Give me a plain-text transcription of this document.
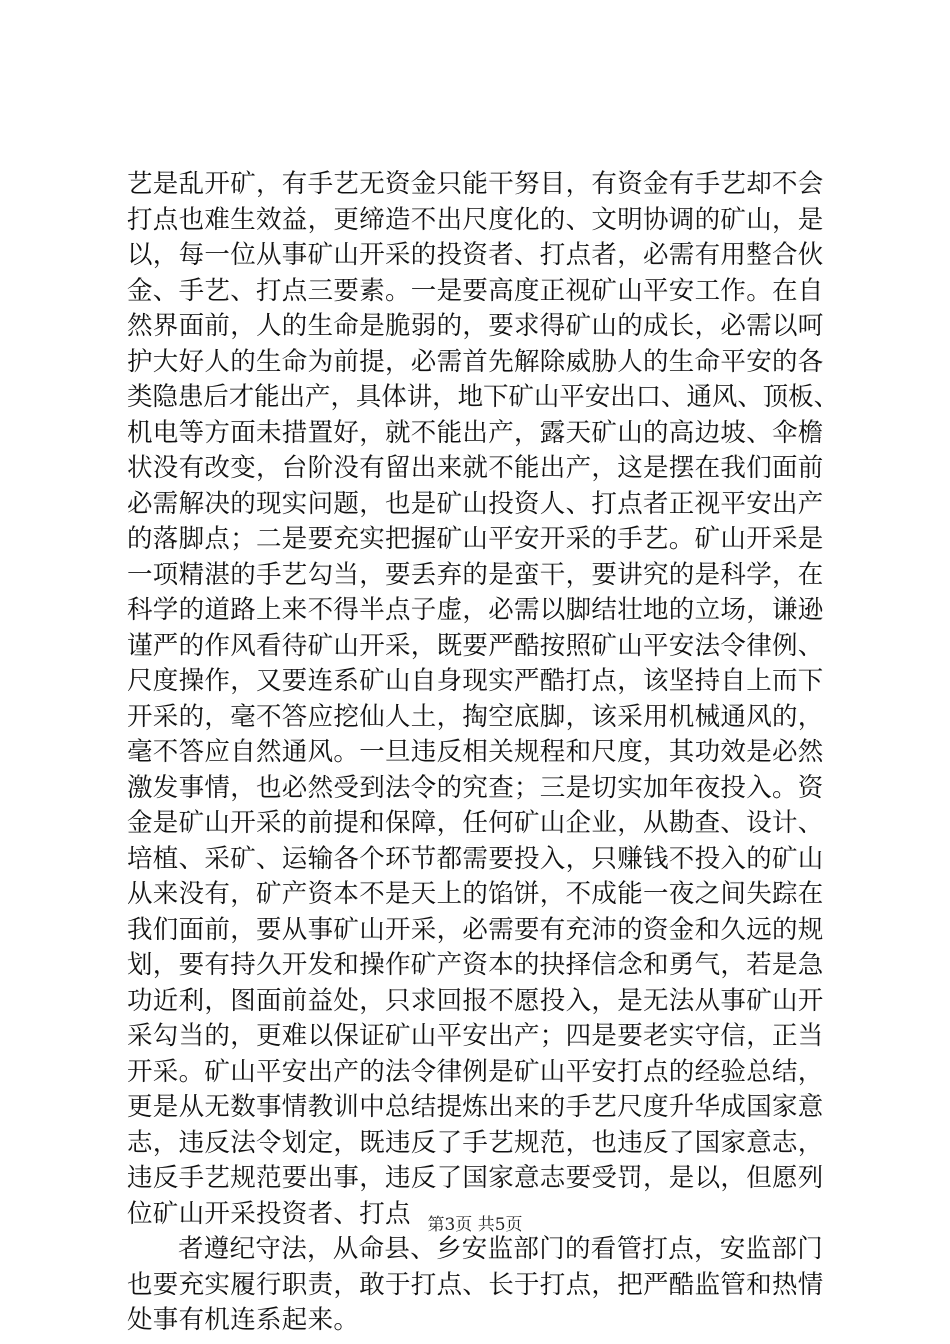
艺是乱开矿，有手艺无资金只能干努目，有资金有手艺却不会
打点也难生效益，更缔造不出尺度化的、文明协调的矿山，是
以，每一位从事矿山开采的投资者、打点者，必需有用整合伙
金、手艺、打点三要素。一是要高度正视矿山平安工作。在自
然界面前，人的生命是脆弱的，要求得矿山的成长，必需以呵
护大好人的生命为前提，必需首先解除威胁人的生命平安的各
类隐患后才能出产，具体讲，地下矿山平安出口、通风、顶板、
机电等方面未措置好，就不能出产，露天矿山的高边坡、伞檐
状没有改变，台阶没有留出来就不能出产，这是摆在我们面前
必需解决的现实问题，也是矿山投资人、打点者正视平安出产
的落脚点；二是要充实把握矿山平安开采的手艺。矿山开采是
一项精湛的手艺勾当，要丢弃的是蛮干，要讲究的是科学，在
科学的道路上来不得半点子虚，必需以脚结壮地的立场，谦逊
谨严的作风看待矿山开采，既要严酷按照矿山平安法令律例、
尺度操作，又要连系矿山自身现实严酷打点，该坚持自上而下
开采的，毫不答应挖仙人土，掏空底脚，该采用机械通风的，
毫不答应自然通风。一旦违反相关规程和尺度，其功效是必然
激发事情，也必然受到法令的究查；三是切实加年夜投入。资
金是矿山开采的前提和保障，任何矿山企业，从勘查、设计、
培植、采矿、运输各个环节都需要投入，只赚钱不投入的矿山
从来没有，矿产资本不是天上的馅饼，不成能一夜之间失踪在
我们面前，要从事矿山开采，必需要有充沛的资金和久远的规
划，要有持久开发和操作矿产资本的抉择信念和勇气，若是急
功近利，图面前益处，只求回报不愿投入，是无法从事矿山开
采勾当的，更难以保证矿山平安出产；四是要老实守信，正当
开采。矿山平安出产的法令律例是矿山平安打点的经验总结，
更是从无数事情教训中总结提炼出来的手艺尺度升华成国家意
志，违反法令划定，既违反了手艺规范，也违反了国家意志，
违反手艺规范要出事，违反了国家意志要受罚，是以，但愿列
位矿山开采投资者、打点
者遵纪守法，从命县、乡安监部门的看管打点，安监部门
也要充实履行职责，敢于打点、长于打点，把严酷监管和热情
处事有机连系起来。
第3页 共5页
